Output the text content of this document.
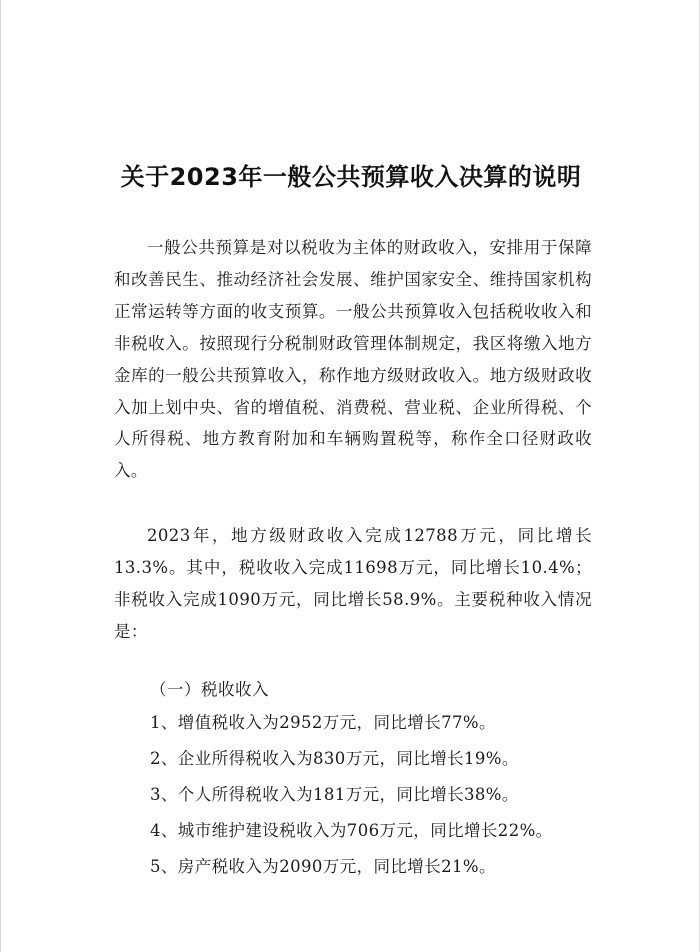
关于2023年一般公共预算收入决算的说明

一般公共预算是对以税收为主体的财政收入，安排用于保障和改善民生、推动经济社会发展、维护国家安全、维持国家机构正常运转等方面的收支预算。一般公共预算收入包括税收收入和非税收入。按照现行分税制财政管理体制规定，我区将缴入地方金库的一般公共预算收入，称作地方级财政收入。地方级财政收入加上划中央、省的增值税、消费税、营业税、企业所得税、个人所得税、地方教育附加和车辆购置税等，称作全口径财政收入。

2023年，地方级财政收入完成12788万元，同比增长13.3%。其中，税收收入完成11698万元，同比增长10.4%；非税收入完成1090万元，同比增长58.9%。主要税种收入情况是：

（一）税收收入
1、增值税收入为2952万元，同比增长77%。
2、企业所得税收入为830万元，同比增长19%。
3、个人所得税收入为181万元，同比增长38%。
4、城市维护建设税收入为706万元，同比增长22%。
5、房产税收入为2090万元，同比增长21%。
